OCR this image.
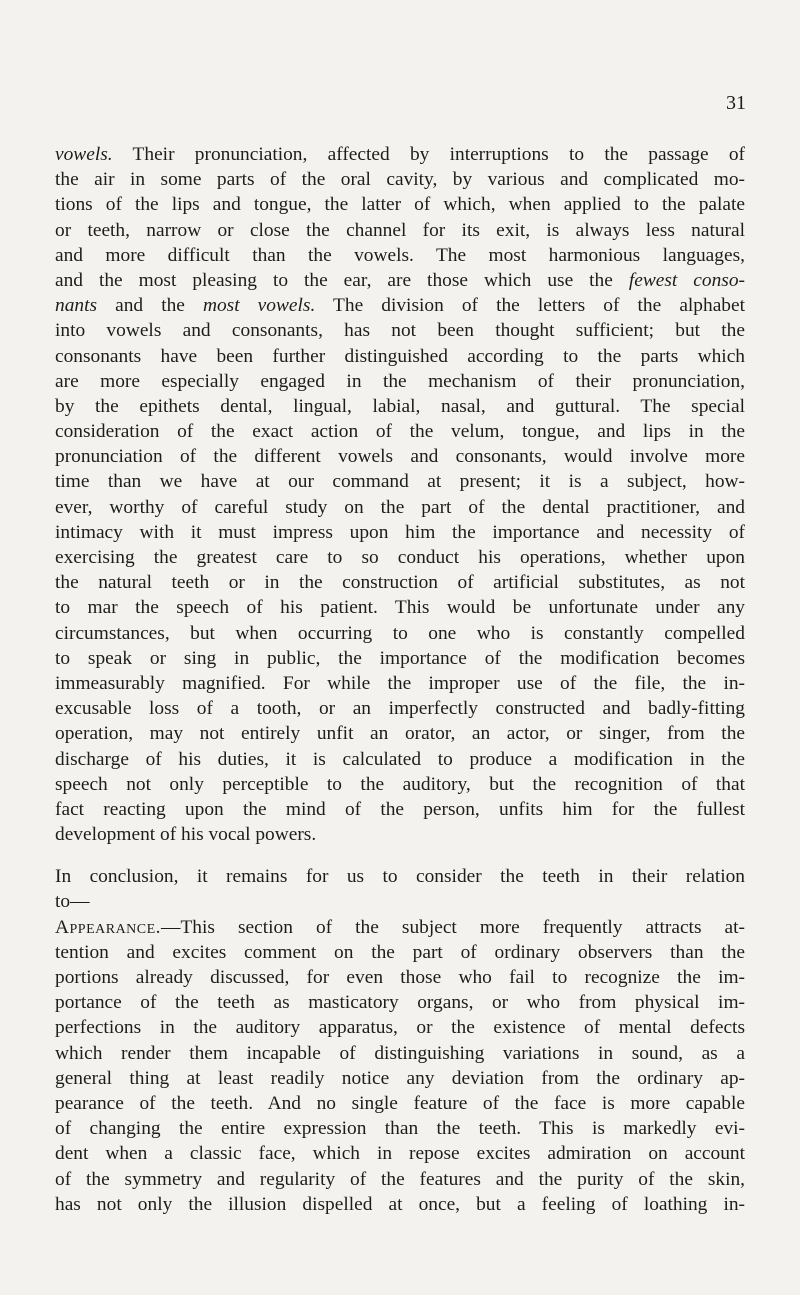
31
vowels. Their pronunciation, affected by interruptions to the passage of
the air in some parts of the oral cavity, by various and complicated mo-
tions of the lips and tongue, the latter of which, when applied to the palate
or teeth, narrow or close the channel for its exit, is always less natural
and more difficult than the vowels. The most harmonious languages,
and the most pleasing to the ear, are those which use the fewest conso-
nants and the most vowels. The division of the letters of the alphabet
into vowels and consonants, has not been thought sufficient; but the
consonants have been further distinguished according to the parts which
are more especially engaged in the mechanism of their pronunciation,
by the epithets dental, lingual, labial, nasal, and guttural. The special
consideration of the exact action of the velum, tongue, and lips in the
pronunciation of the different vowels and consonants, would involve more
time than we have at our command at present; it is a subject, how-
ever, worthy of careful study on the part of the dental practitioner, and
intimacy with it must impress upon him the importance and necessity of
exercising the greatest care to so conduct his operations, whether upon
the natural teeth or in the construction of artificial substitutes, as not
to mar the speech of his patient. This would be unfortunate under any
circumstances, but when occurring to one who is constantly compelled
to speak or sing in public, the importance of the modification becomes
immeasurably magnified. For while the improper use of the file, the in-
excusable loss of a tooth, or an imperfectly constructed and badly-fitting
operation, may not entirely unfit an orator, an actor, or singer, from the
discharge of his duties, it is calculated to produce a modification in the
speech not only perceptible to the auditory, but the recognition of that
fact reacting upon the mind of the person, unfits him for the fullest
development of his vocal powers.
In conclusion, it remains for us to consider the teeth in their relation
to—
Appearance.—This section of the subject more frequently attracts at-
tention and excites comment on the part of ordinary observers than the
portions already discussed, for even those who fail to recognize the im-
portance of the teeth as masticatory organs, or who from physical im-
perfections in the auditory apparatus, or the existence of mental defects
which render them incapable of distinguishing variations in sound, as a
general thing at least readily notice any deviation from the ordinary ap-
pearance of the teeth. And no single feature of the face is more capable
of changing the entire expression than the teeth. This is markedly evi-
dent when a classic face, which in repose excites admiration on account
of the symmetry and regularity of the features and the purity of the skin,
has not only the illusion dispelled at once, but a feeling of loathing in-
